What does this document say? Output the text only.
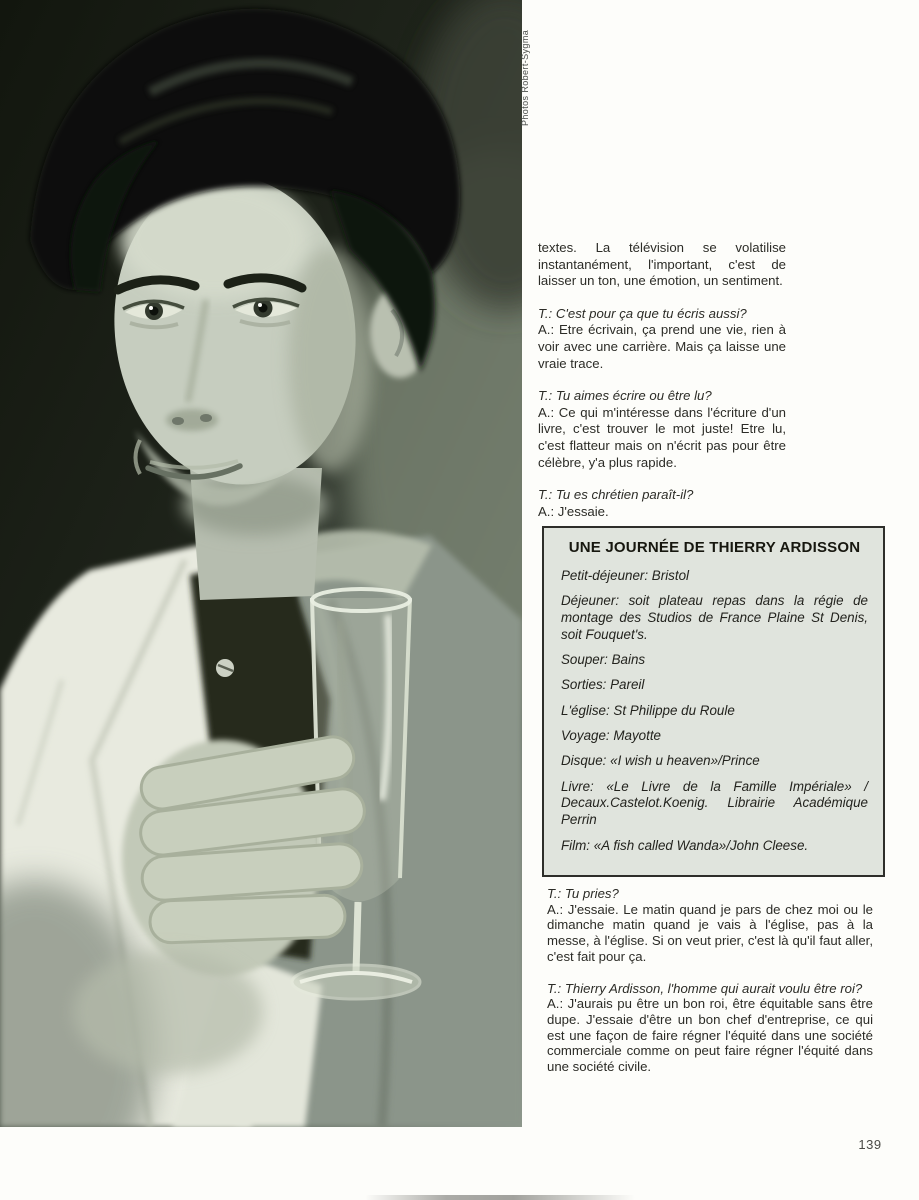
Photos Robert-Sygma

textes. La télévision se volatilise instantanément, l'important, c'est de laisser un ton, une émotion, un sentiment.

T.: C'est pour ça que tu écris aussi?

A.: Etre écrivain, ça prend une vie, rien à voir avec une carrière. Mais ça laisse une vraie trace.

T.: Tu aimes écrire ou être lu?

A.: Ce qui m'intéresse dans l'écriture d'un livre, c'est trouver le mot juste! Etre lu, c'est flatteur mais on n'écrit pas pour être célèbre, y'a plus rapide.

T.: Tu es chrétien paraît-il?

A.: J'essaie.

UNE JOURNÉE DE THIERRY ARDISSON

Petit-déjeuner: Bristol

Déjeuner: soit plateau repas dans la régie de montage des Studios de France Plaine St Denis, soit Fouquet's.

Souper: Bains

Sorties: Pareil

L'église: St Philippe du Roule

Voyage: Mayotte

Disque: «I wish u heaven»/Prince

Livre: «Le Livre de la Famille Impériale» / Decaux.Castelot.Koenig. Librairie Académique Perrin

Film: «A fish called Wanda»/John Cleese.

T.: Tu pries?

A.: J'essaie. Le matin quand je pars de chez moi ou le dimanche matin quand je vais à l'église, pas à la messe, à l'église. Si on veut prier, c'est là qu'il faut aller, c'est fait pour ça.

T.: Thierry Ardisson, l'homme qui aurait voulu être roi?

A.: J'aurais pu être un bon roi, être équitable sans être dupe. J'essaie d'être un bon chef d'entreprise, ce qui est une façon de faire régner l'équité dans une société commerciale comme on peut faire régner l'équité dans une société civile.

139
